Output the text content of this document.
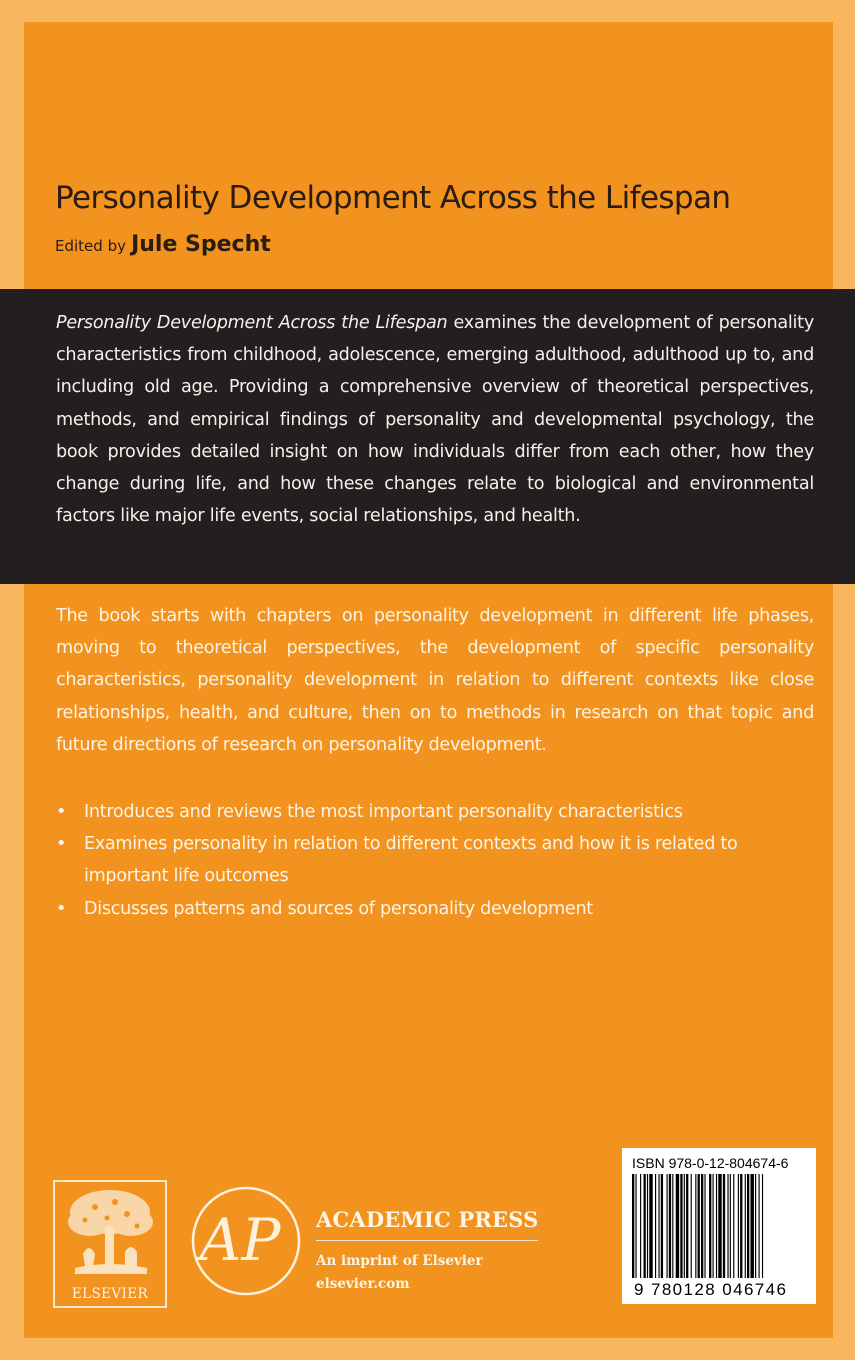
Personality Development Across the Lifespan
Edited by Jule Specht
Personality Development Across the Lifespan examines the development of personality characteristics from childhood, adolescence, emerging adulthood, adulthood up to, and including old age. Providing a comprehensive overview of theoretical perspectives, methods, and empirical findings of personality and developmental psychology, the book provides detailed insight on how individuals differ from each other, how they change during life, and how these changes relate to biological and environmental factors like major life events, social relationships, and health.
The book starts with chapters on personality development in different life phases, moving to theoretical perspectives, the development of specific personality characteristics, personality development in relation to different contexts like close relationships, health, and culture, then on to methods in research on that topic and future directions of research on personality development.
• Introduces and reviews the most important personality characteristics
• Examines personality in relation to different contexts and how it is related to important life outcomes
• Discusses patterns and sources of personality development
ELSEVIER
AP ACADEMIC PRESS
An imprint of Elsevier
elsevier.com
ISBN 978-0-12-804674-6
9 780128 046746
